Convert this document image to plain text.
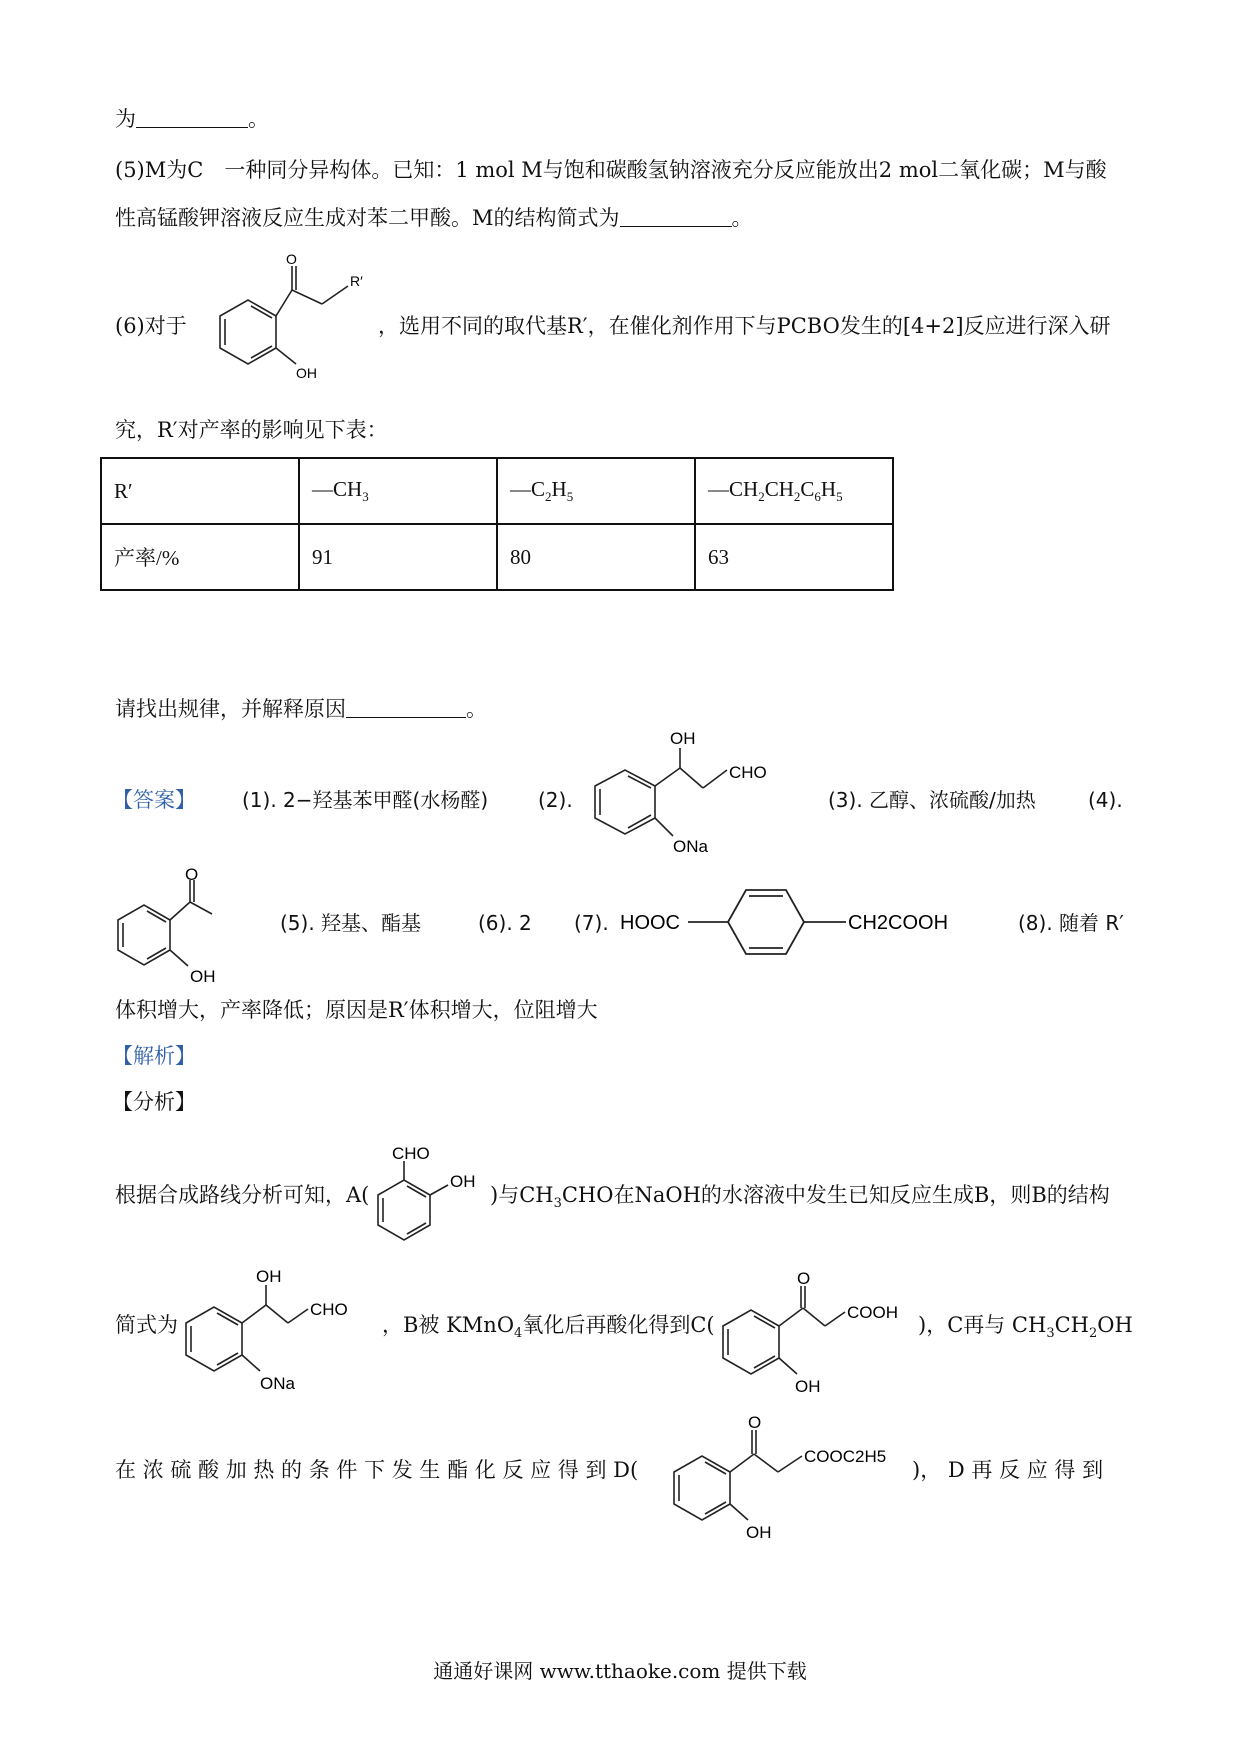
为	。
(5)M为C　一种同分异构体。已知：1 mol M与饱和碳酸氢钠溶液充分反应能放出2 mol二氧化碳；M与酸
性高锰酸钾溶液反应生成对苯二甲酸。M的结构简式为	。
(6)对于
O
R′
OH
，选用不同的取代基R′，在催化剂作用下与PCBO发生的[4+2]反应进行深入研
究，R′对产率的影响见下表：
R′	$—CH_3$	$—C_2H_5$	$—CH_2CH_2C_6H_5$
产率/%	91	80	63
请找出规律，并解释原因	。
【答案】 (1). 2−羟基苯甲醛(水杨醛) (2).
OH
CHO
ONa
(3). 乙醇、浓硫酸/加热	(4).
O
OH
(5). 羟基、酯基	(6). 2 (7). HOOC	CH2COOH	(8). 随着 R′
体积增大，产率降低；原因是R′体积增大，位阻增大
【解析】
【分析】
根据合成路线分析可知，A(
CHO
OH
)与$CH_3CHO$在NaOH的水溶液中发生已知反应生成B，则B的结构
简式为
OH
CHO
ONa
，B被 KMnO$_4$氧化后再酸化得到C(
O
COOH
OH
)，C再与 $CH_3CH_2OH$
在 浓 硫 酸 加 热 的 条 件 下 发 生 酯 化 反 应 得 到 D(
O
COOC2H5
OH
)， D 再 反 应 得 到
通通好课网 www.tthaoke.com 提供下载
